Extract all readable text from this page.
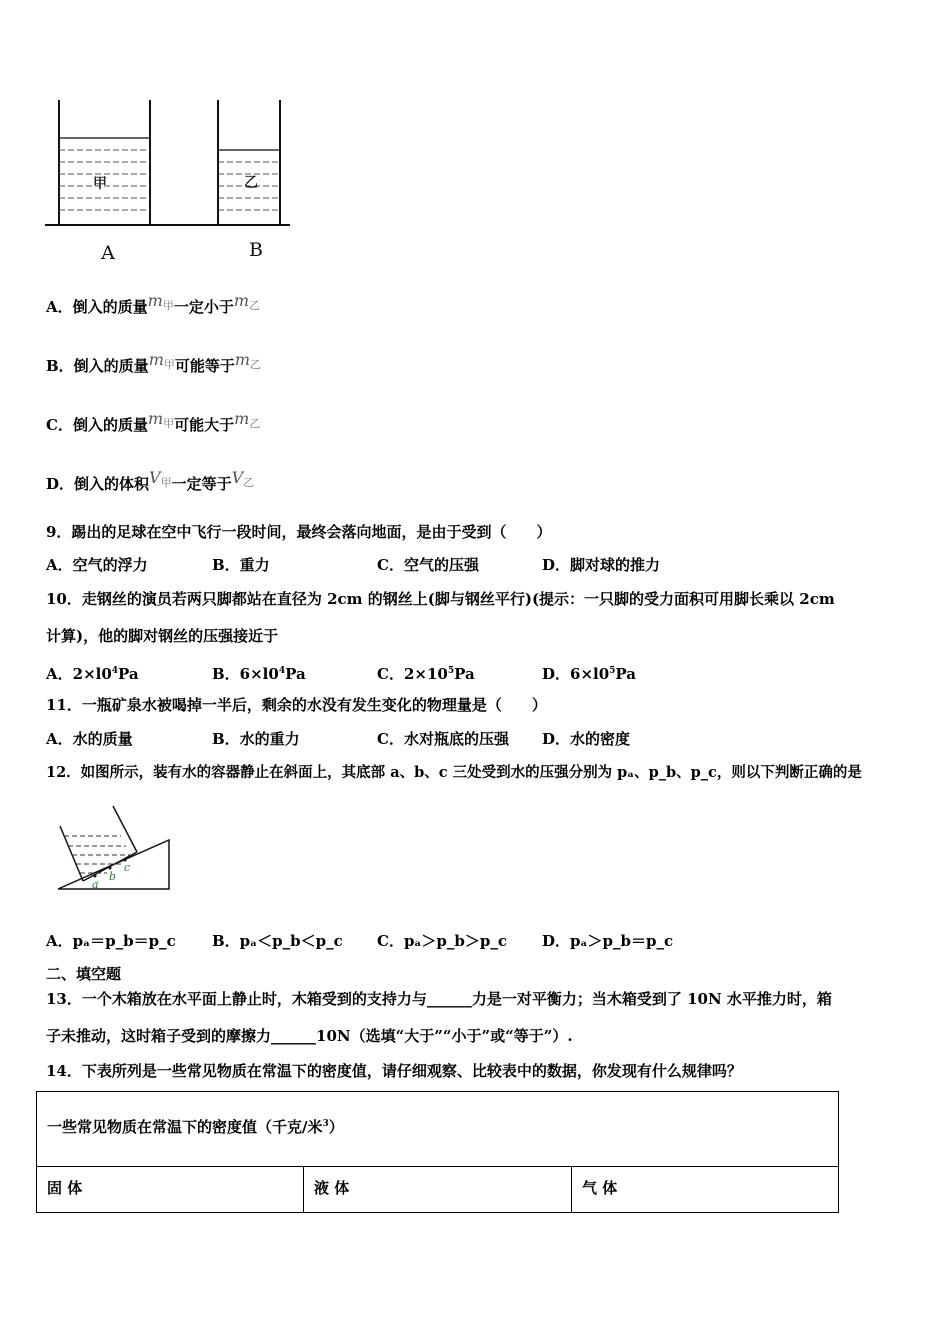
甲	乙
A	B
A．倒入的质量$m^甲$一定小于$m^乙$
B．倒入的质量$m^甲$可能等于$m^乙$
C．倒入的质量$m^甲$可能大于$m^乙$
D．倒入的体积$V^甲$一定等于$V^乙$
9．踢出的足球在空中飞行一段时间，最终会落向地面，是由于受到（　　）
A．空气的浮力	B．重力	C．空气的压强	D．脚对球的推力
10．走钢丝的演员若两只脚都站在直径为 2cm 的钢丝上(脚与钢丝平行)(提示：一只脚的受力面积可用脚长乘以 2cm
计算)，他的脚对钢丝的压强接近于
A．$2\times l0^4Pa$	B．$6\times l0^4Pa$	C．$2\times 10^5Pa$	D．$6\times l0^5Pa$
11．一瓶矿泉水被喝掉一半后，剩余的水没有发生变化的物理量是（　　）
A．水的质量	B．水的重力	C．水对瓶底的压强 D．水的密度
12．如图所示，装有水的容器静止在斜面上，其底部 a、b、c 三处受到水的压强分别为 pₐ、p_b、p_c，则以下判断正确的是
a
b
c
A．pₐ＝p_b＝p_c B．pₐ＜p_b＜p_c C．pₐ＞p_b＞p_c D．pₐ＞p_b＝p_c
二、填空题
13．一个木箱放在水平面上静止时，木箱受到的支持力与______力是一对平衡力；当木箱受到了 10N 水平推力时，箱
子未推动，这时箱子受到的摩擦力______10N（选填“大于”“小于”或“等于”）.
14．下表所列是一些常见物质在常温下的密度值，请仔细观察、比较表中的数据，你发现有什么规律吗？
一些常见物质在常温下的密度值（千克/米$^3$）
固 体	液 体	气 体
